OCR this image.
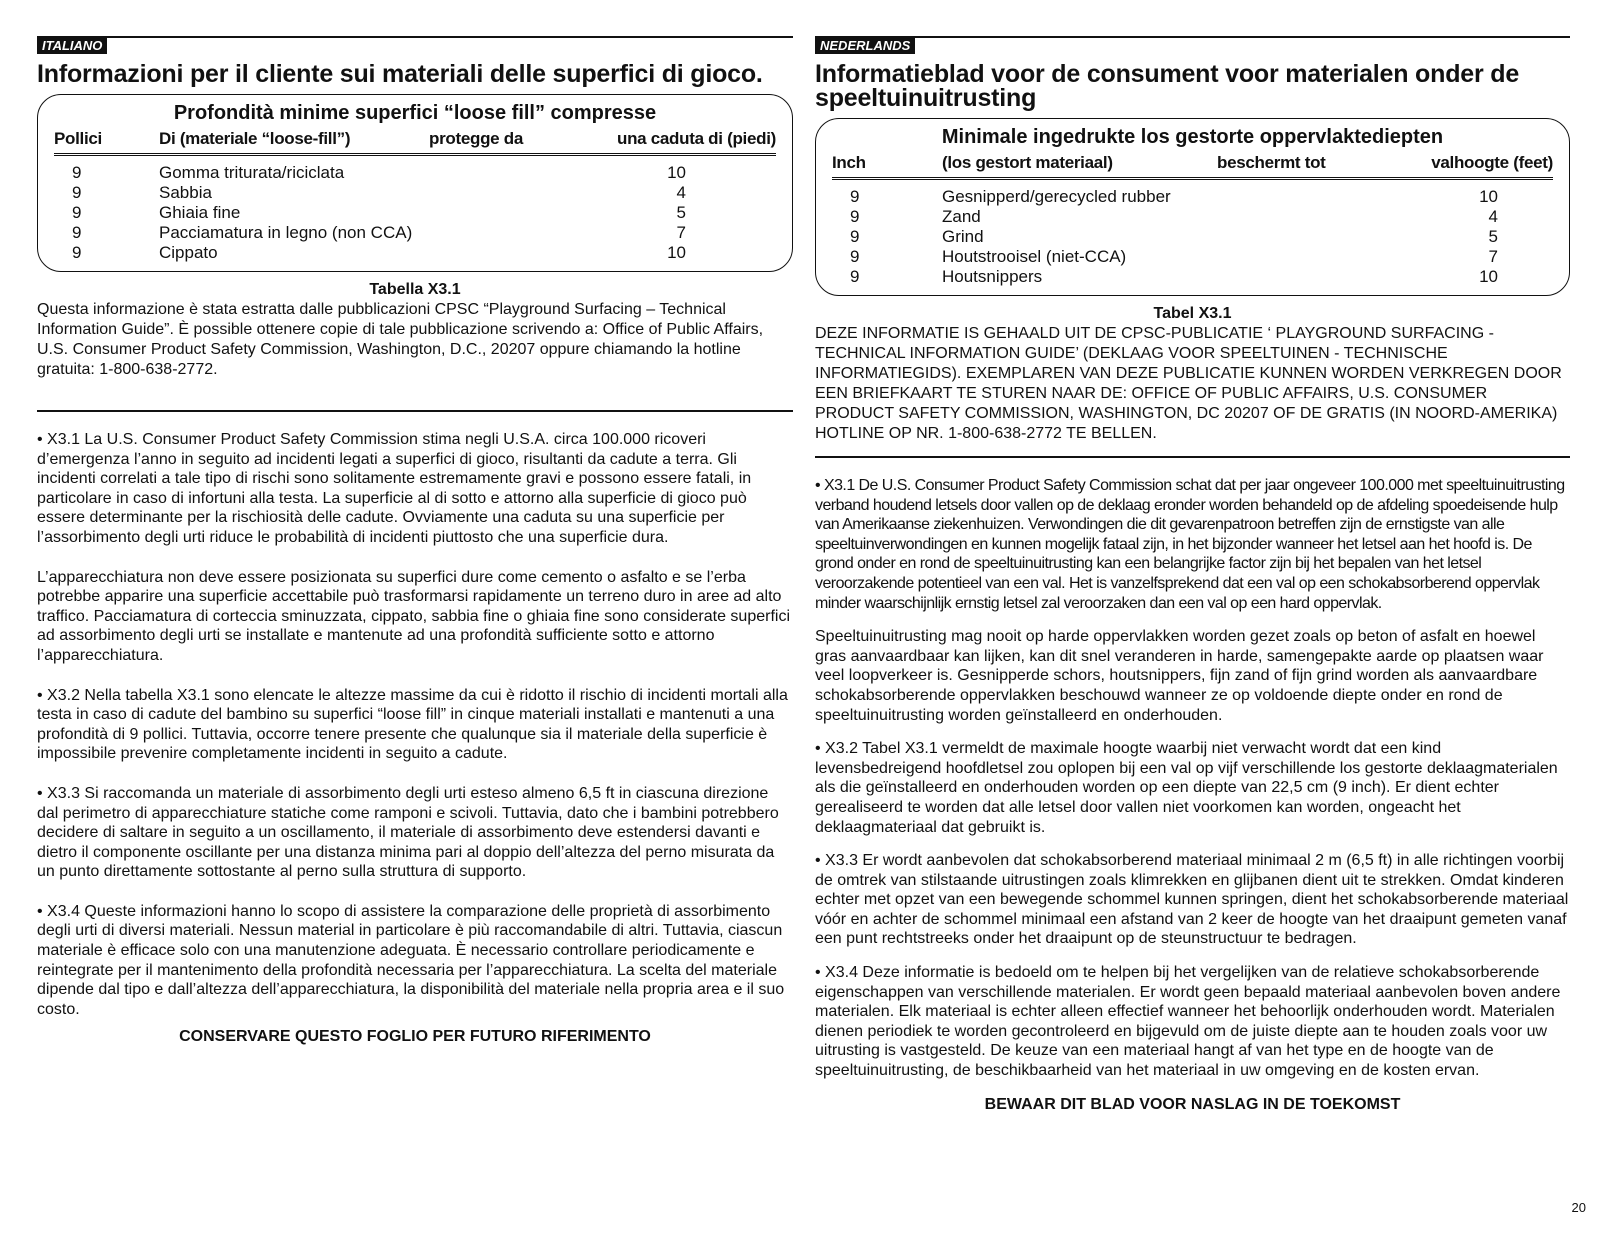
ITALIANO
Informazioni per il cliente sui materiali delle superfici di gioco.
Profondità minime superfici “loose fill” compresse
Pollici	Di (materiale “loose-fill”)	protegge da	una caduta di (piedi)
9	Gomma triturata/riciclata		10
9	Sabbia		4
9	Ghiaia fine		5
9	Pacciamatura in legno (non CCA)		7
9	Cippato		10
Tabella X3.1

Questa informazione è stata estratta dalle pubblicazioni CPSC “Playground Surfacing – Technical Information Guide”. È possible ottenere copie di tale pubblicazione scrivendo a: Office of Public Affairs, U.S. Consumer Product Safety Commission, Washington, D.C., 20207 oppure chiamando la hotline gratuita: 1-800-638-2772.

• X3.1 La U.S. Consumer Product Safety Commission stima negli U.S.A. circa 100.000 ricoveri d’emergenza l’anno in seguito ad incidenti legati a superfici di gioco, risultanti da cadute a terra. Gli incidenti correlati a tale tipo di rischi sono solitamente estremamente gravi e possono essere fatali, in particolare in caso di infortuni alla testa. La superficie al di sotto e attorno alla superficie di gioco può essere determinante per la rischiosità delle cadute. Ovviamente una caduta su una superficie per l’assorbimento degli urti riduce le probabilità di incidenti piuttosto che una superficie dura.

L’apparecchiatura non deve essere posizionata su superfici dure come cemento o asfalto e se l’erba potrebbe apparire una superficie accettabile può trasformarsi rapidamente un terreno duro in aree ad alto traffico. Pacciamatura di corteccia sminuzzata, cippato, sabbia fine o ghiaia fine sono considerate superfici ad assorbimento degli urti se installate e mantenute ad una profondità sufficiente sotto e attorno l’apparecchiatura.

• X3.2 Nella tabella X3.1 sono elencate le altezze massime da cui è ridotto il rischio di incidenti mortali alla testa in caso di cadute del bambino su superfici “loose fill” in cinque materiali installati e mantenuti a una profondità di 9 pollici. Tuttavia, occorre tenere presente che qualunque sia il materiale della superficie è impossibile prevenire completamente incidenti in seguito a cadute.

• X3.3 Si raccomanda un materiale di assorbimento degli urti esteso almeno 6,5 ft in ciascuna direzione dal perimetro di apparecchiature statiche come ramponi e scivoli. Tuttavia, dato che i bambini potrebbero decidere di saltare in seguito a un oscillamento, il materiale di assorbimento deve estendersi davanti e dietro il componente oscillante per una distanza minima pari al doppio dell’altezza del perno misurata da un punto direttamente sottostante al perno sulla struttura di supporto.

• X3.4 Queste informazioni hanno lo scopo di assistere la comparazione delle proprietà di assorbimento degli urti di diversi materiali. Nessun material in particolare è più raccomandabile di altri. Tuttavia, ciascun materiale è efficace solo con una manutenzione adeguata. È necessario controllare periodicamente e reintegrate per il mantenimento della profondità necessaria per l’apparecchiatura. La scelta del materiale dipende dal tipo e dall’altezza dell’apparecchiatura, la disponibilità del materiale nella propria area e il suo costo.

CONSERVARE QUESTO FOGLIO PER FUTURO RIFERIMENTO
NEDERLANDS
Informatieblad voor de consument voor materialen onder de speeltuinuitrusting
Minimale ingedrukte los gestorte oppervlaktediepten
Inch	(los gestort materiaal)	beschermt tot	valhoogte (feet)
9	Gesnipperd/gerecycled rubber		10
9	Zand		4
9	Grind		5
9	Houtstrooisel (niet-CCA)		7
9	Houtsnippers		10
Tabel X3.1

DEZE INFORMATIE IS GEHAALD UIT DE CPSC-PUBLICATIE ‘ PLAYGROUND SURFACING - TECHNICAL INFORMATION GUIDE’ (DEKLAAG VOOR SPEELTUINEN - TECHNISCHE INFORMATIEGIDS). EXEMPLAREN VAN DEZE PUBLICATIE KUNNEN WORDEN VERKREGEN DOOR EEN BRIEFKAART TE STUREN NAAR DE: OFFICE OF PUBLIC AFFAIRS, U.S. CONSUMER PRODUCT SAFETY COMMISSION, WASHINGTON, DC 20207 OF DE GRATIS (IN NOORD-AMERIKA) HOTLINE OP NR. 1-800-638-2772 TE BELLEN.

• X3.1 De U.S. Consumer Product Safety Commission schat dat per jaar ongeveer 100.000 met speeltuinuitrusting verband houdend letsels door vallen op de deklaag eronder worden behandeld op de afdeling spoedeisende hulp van Amerikaanse ziekenhuizen. Verwondingen die dit gevarenpatroon betreffen zijn de ernstigste van alle speeltuinverwondingen en kunnen mogelijk fataal zijn, in het bijzonder wanneer het letsel aan het hoofd is. De grond onder en rond de speeltuinuitrusting kan een belangrijke factor zijn bij het bepalen van het letsel veroorzakende potentieel van een val. Het is vanzelfsprekend dat een val op een schokabsorberend oppervlak minder waarschijnlijk ernstig letsel zal veroorzaken dan een val op een hard oppervlak.

Speeltuinuitrusting mag nooit op harde oppervlakken worden gezet zoals op beton of asfalt en hoewel gras aanvaardbaar kan lijken, kan dit snel veranderen in harde, samengepakte aarde op plaatsen waar veel loopverkeer is. Gesnipperde schors, houtsnippers, fijn zand of fijn grind worden als aanvaardbare schokabsorberende oppervlakken beschouwd wanneer ze op voldoende diepte onder en rond de speeltuinuitrusting worden geïnstalleerd en onderhouden.

• X3.2 Tabel X3.1 vermeldt de maximale hoogte waarbij niet verwacht wordt dat een kind levensbedreigend hoofdletsel zou oplopen bij een val op vijf verschillende los gestorte deklaagmaterialen als die geïnstalleerd en onderhouden worden op een diepte van 22,5 cm (9 inch). Er dient echter gerealiseerd te worden dat alle letsel door vallen niet voorkomen kan worden, ongeacht het deklaagmateriaal dat gebruikt is.

• X3.3 Er wordt aanbevolen dat schokabsorberend materiaal minimaal 2 m (6,5 ft) in alle richtingen voorbij de omtrek van stilstaande uitrustingen zoals klimrekken en glijbanen dient uit te strekken. Omdat kinderen echter met opzet van een bewegende schommel kunnen springen, dient het schokabsorberende materiaal vóór en achter de schommel minimaal een afstand van 2 keer de hoogte van het draaipunt gemeten vanaf een punt rechtstreeks onder het draaipunt op de steunstructuur te bedragen.

• X3.4 Deze informatie is bedoeld om te helpen bij het vergelijken van de relatieve schokabsorberende eigenschappen van verschillende materialen. Er wordt geen bepaald materiaal aanbevolen boven andere materialen. Elk materiaal is echter alleen effectief wanneer het behoorlijk onderhouden wordt. Materialen dienen periodiek te worden gecontroleerd en bijgevuld om de juiste diepte aan te houden zoals voor uw uitrusting is vastgesteld. De keuze van een materiaal hangt af van het type en de hoogte van de speeltuinuitrusting, de beschikbaarheid van het materiaal in uw omgeving en de kosten ervan.

BEWAAR DIT BLAD VOOR NASLAG IN DE TOEKOMST
20
